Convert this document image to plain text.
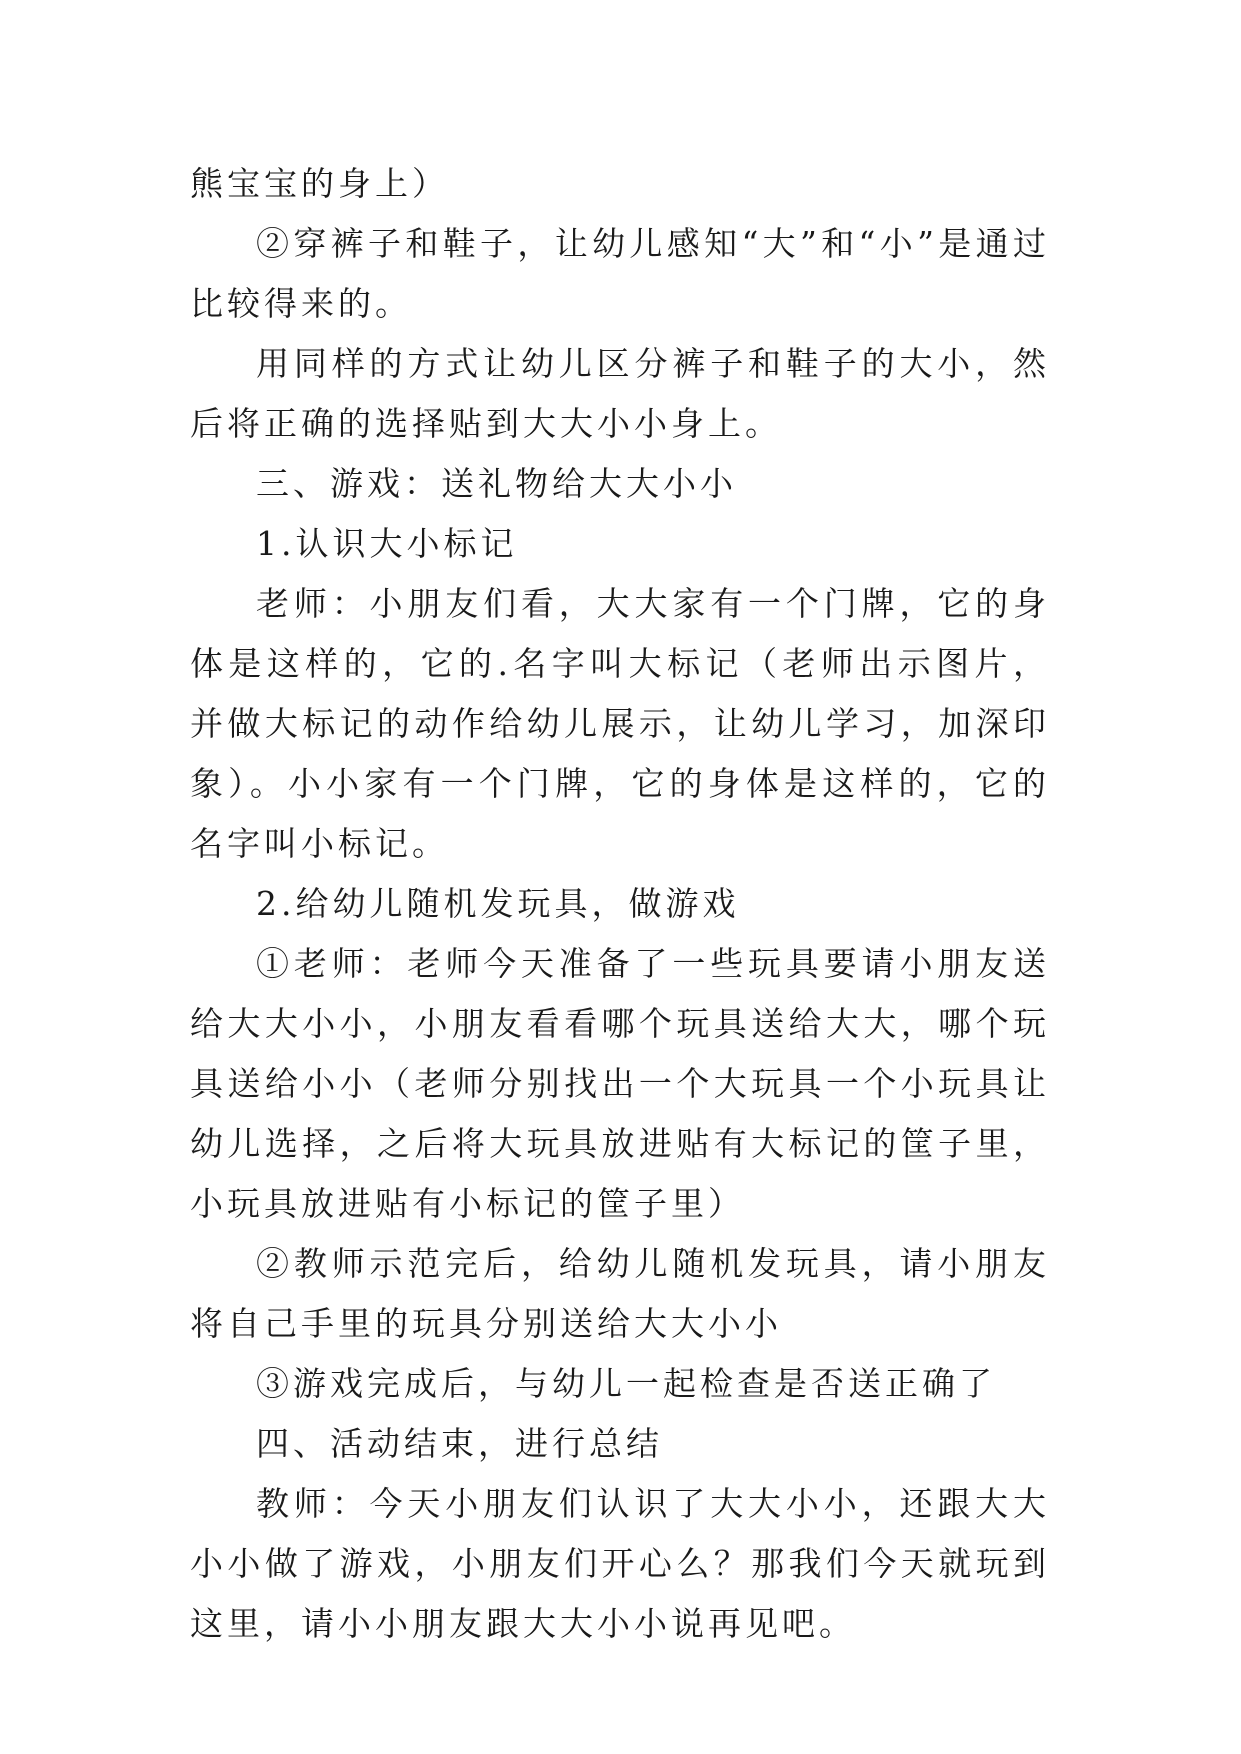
熊宝宝的身上）

②穿裤子和鞋子，让幼儿感知“大”和“小”是通过比较得来的。

用同样的方式让幼儿区分裤子和鞋子的大小，然后将正确的选择贴到大大小小身上。

三、游戏：送礼物给大大小小

1.认识大小标记

老师：小朋友们看，大大家有一个门牌，它的身体是这样的，它的.名字叫大标记（老师出示图片，并做大标记的动作给幼儿展示，让幼儿学习，加深印象）。小小家有一个门牌，它的身体是这样的，它的名字叫小标记。

2.给幼儿随机发玩具，做游戏

①老师：老师今天准备了一些玩具要请小朋友送给大大小小，小朋友看看哪个玩具送给大大，哪个玩具送给小小（老师分别找出一个大玩具一个小玩具让幼儿选择，之后将大玩具放进贴有大标记的筐子里，小玩具放进贴有小标记的筐子里）

②教师示范完后，给幼儿随机发玩具，请小朋友将自己手里的玩具分别送给大大小小

③游戏完成后，与幼儿一起检查是否送正确了

四、活动结束，进行总结

教师：今天小朋友们认识了大大小小，还跟大大小小做了游戏，小朋友们开心么？那我们今天就玩到这里，请小小朋友跟大大小小说再见吧。
